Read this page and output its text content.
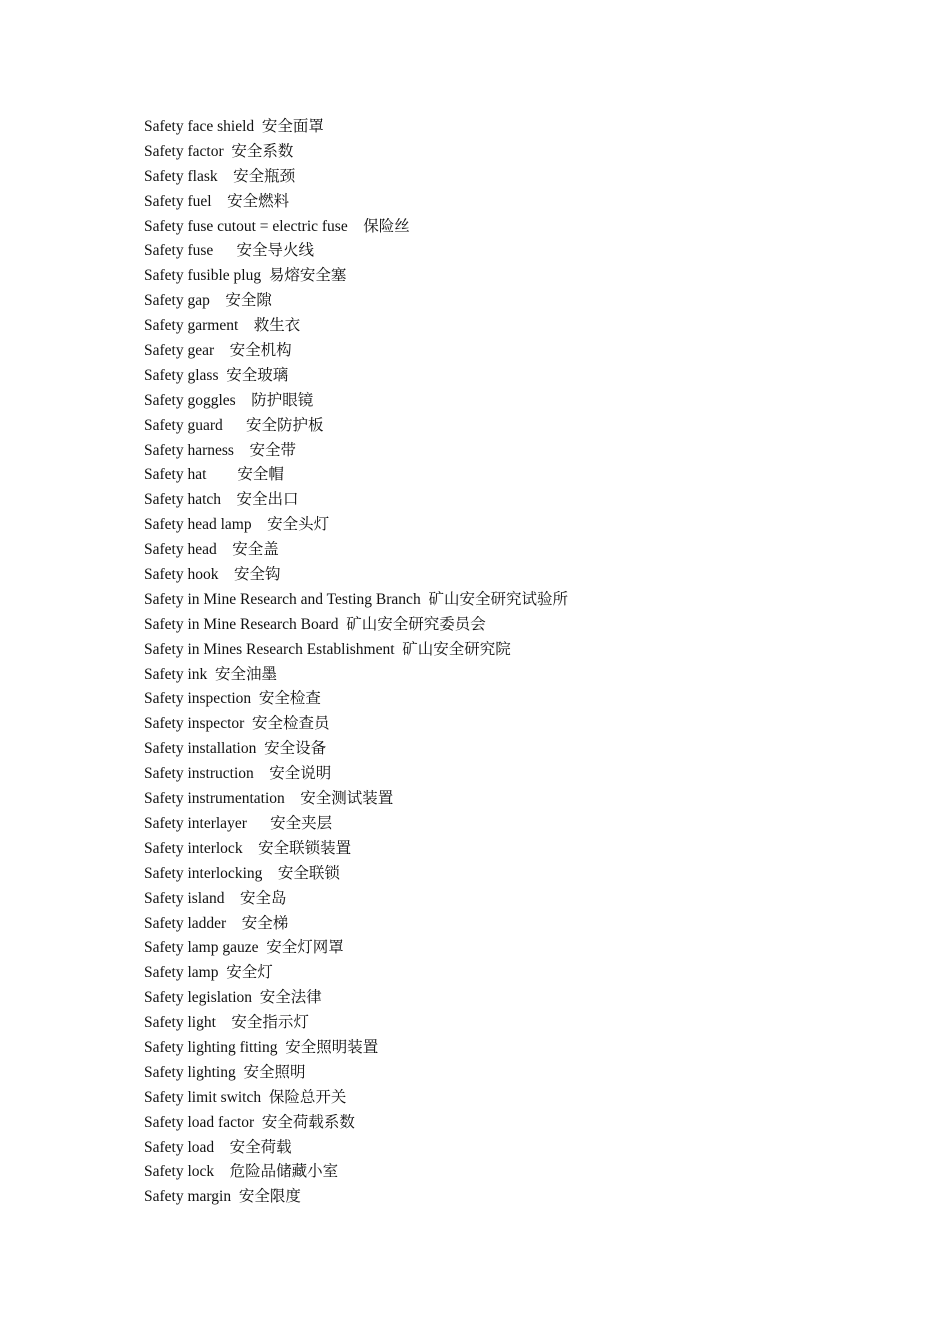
Safety face shield  安全面罩
Safety factor  安全系数
Safety flask    安全瓶颈
Safety fuel    安全燃料
Safety fuse cutout = electric fuse    保险丝
Safety fuse      安全导火线
Safety fusible plug  易熔安全塞
Safety gap    安全隙
Safety garment    救生衣
Safety gear    安全机构
Safety glass  安全玻璃
Safety goggles    防护眼镜
Safety guard      安全防护板
Safety harness    安全带
Safety hat        安全帽
Safety hatch    安全出口
Safety head lamp    安全头灯
Safety head    安全盖
Safety hook    安全钩
Safety in Mine Research and Testing Branch  矿山安全研究试验所
Safety in Mine Research Board  矿山安全研究委员会
Safety in Mines Research Establishment  矿山安全研究院
Safety ink  安全油墨
Safety inspection  安全检查
Safety inspector  安全检查员
Safety installation  安全设备
Safety instruction    安全说明
Safety instrumentation    安全测试装置
Safety interlayer      安全夹层
Safety interlock    安全联锁装置
Safety interlocking    安全联锁
Safety island    安全岛
Safety ladder    安全梯
Safety lamp gauze  安全灯网罩
Safety lamp  安全灯
Safety legislation  安全法律
Safety light    安全指示灯
Safety lighting fitting  安全照明装置
Safety lighting  安全照明
Safety limit switch  保险总开关
Safety load factor  安全荷载系数
Safety load    安全荷载
Safety lock    危险品储藏小室
Safety margin  安全限度
